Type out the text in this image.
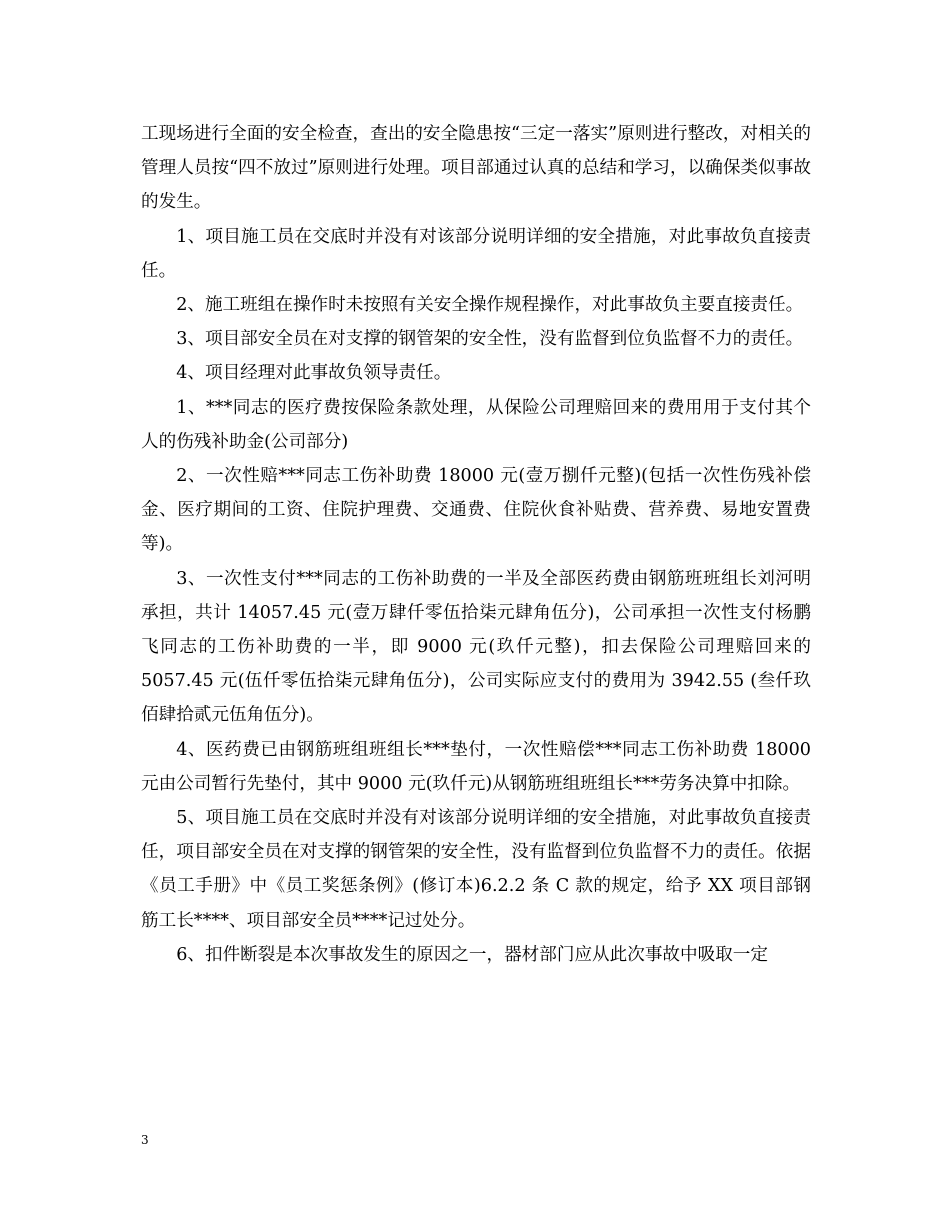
工现场进行全面的安全检查，查出的安全隐患按“三定一落实”原则进行整改，对相关的管理人员按“四不放过”原则进行处理。项目部通过认真的总结和学习，以确保类似事故的发生。

1、项目施工员在交底时并没有对该部分说明详细的安全措施，对此事故负直接责任。

2、施工班组在操作时未按照有关安全操作规程操作，对此事故负主要直接责任。

3、项目部安全员在对支撑的钢管架的安全性，没有监督到位负监督不力的责任。

4、项目经理对此事故负领导责任。

1、***同志的医疗费按保险条款处理，从保险公司理赔回来的费用用于支付其个人的伤残补助金(公司部分)

2、一次性赔***同志工伤补助费 18000 元(壹万捌仟元整)(包括一次性伤残补偿金、医疗期间的工资、住院护理费、交通费、住院伙食补贴费、营养费、易地安置费等)。

3、一次性支付***同志的工伤补助费的一半及全部医药费由钢筋班班组长刘河明承担，共计 14057.45 元(壹万肆仟零伍拾柒元肆角伍分)，公司承担一次性支付杨鹏飞同志的工伤补助费的一半，即 9000 元(玖仟元整)，扣去保险公司理赔回来的 5057.45 元(伍仟零伍拾柒元肆角伍分)，公司实际应支付的费用为 3942.55 (叁仟玖佰肆拾贰元伍角伍分)。

4、医药费已由钢筋班组班组长***垫付，一次性赔偿***同志工伤补助费 18000 元由公司暂行先垫付，其中 9000 元(玖仟元)从钢筋班组班组长***劳务决算中扣除。

5、项目施工员在交底时并没有对该部分说明详细的安全措施，对此事故负直接责任，项目部安全员在对支撑的钢管架的安全性，没有监督到位负监督不力的责任。依据《员工手册》中《员工奖惩条例》(修订本)6.2.2 条 C 款的规定，给予 XX 项目部钢筋工长****、项目部安全员****记过处分。

6、扣件断裂是本次事故发生的原因之一，器材部门应从此次事故中吸取一定

3
